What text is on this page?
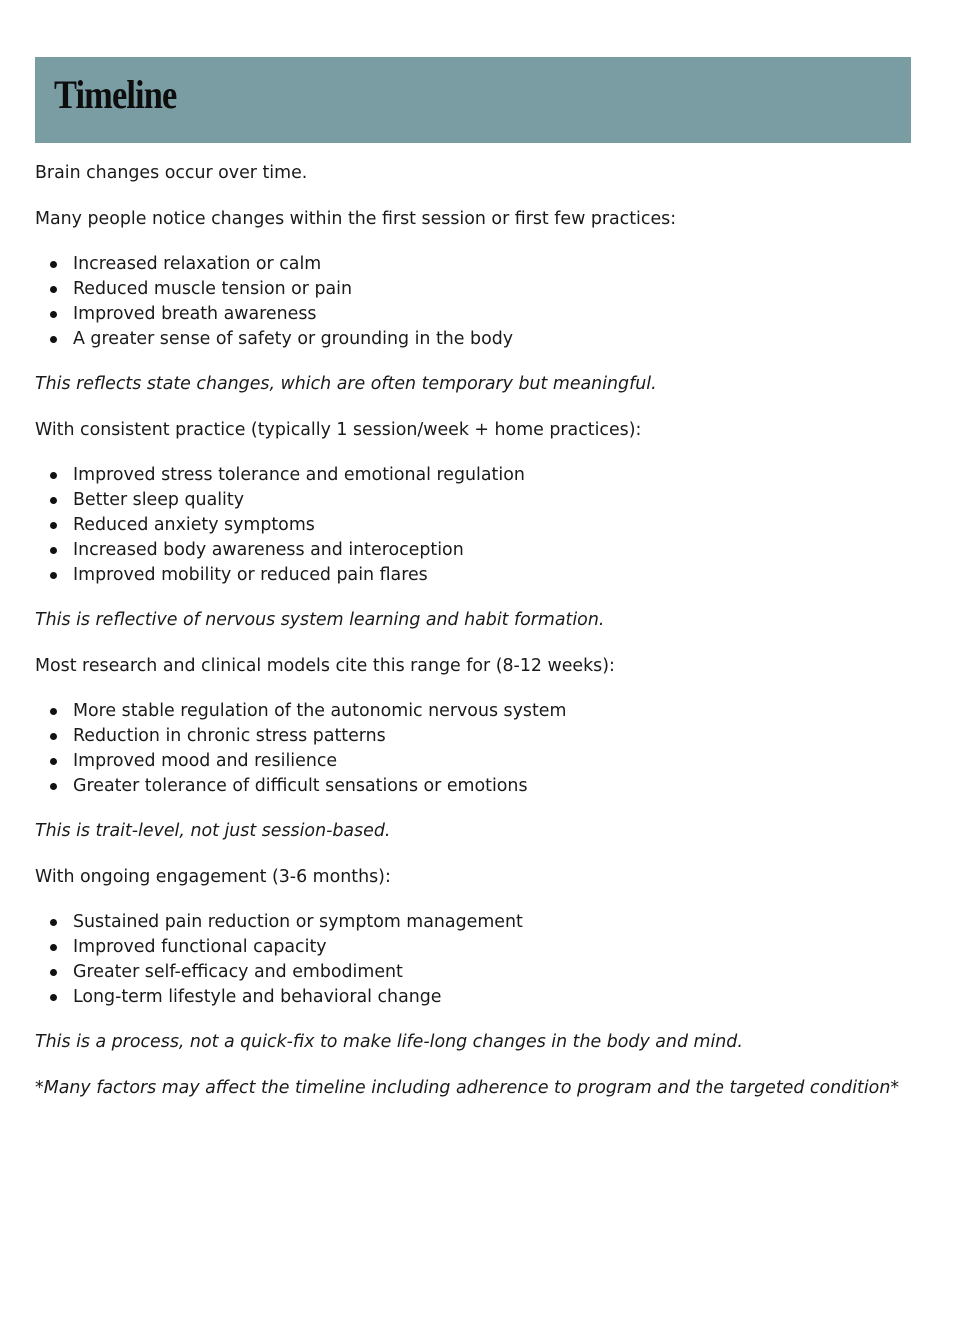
Timeline

Brain changes occur over time.

Many people notice changes within the first session or first few practices:

Increased relaxation or calm
Reduced muscle tension or pain
Improved breath awareness
A greater sense of safety or grounding in the body

This reflects state changes, which are often temporary but meaningful.

With consistent practice (typically 1 session/week + home practices):

Improved stress tolerance and emotional regulation
Better sleep quality
Reduced anxiety symptoms
Increased body awareness and interoception
Improved mobility or reduced pain flares

This is reflective of nervous system learning and habit formation.

Most research and clinical models cite this range for (8-12 weeks):

More stable regulation of the autonomic nervous system
Reduction in chronic stress patterns
Improved mood and resilience
Greater tolerance of difficult sensations or emotions

This is trait-level, not just session-based.

With ongoing engagement (3-6 months):

Sustained pain reduction or symptom management
Improved functional capacity
Greater self-efficacy and embodiment
Long-term lifestyle and behavioral change

This is a process, not a quick-fix to make life-long changes in the body and mind.

*Many factors may affect the timeline including adherence to program and the targeted condition*
